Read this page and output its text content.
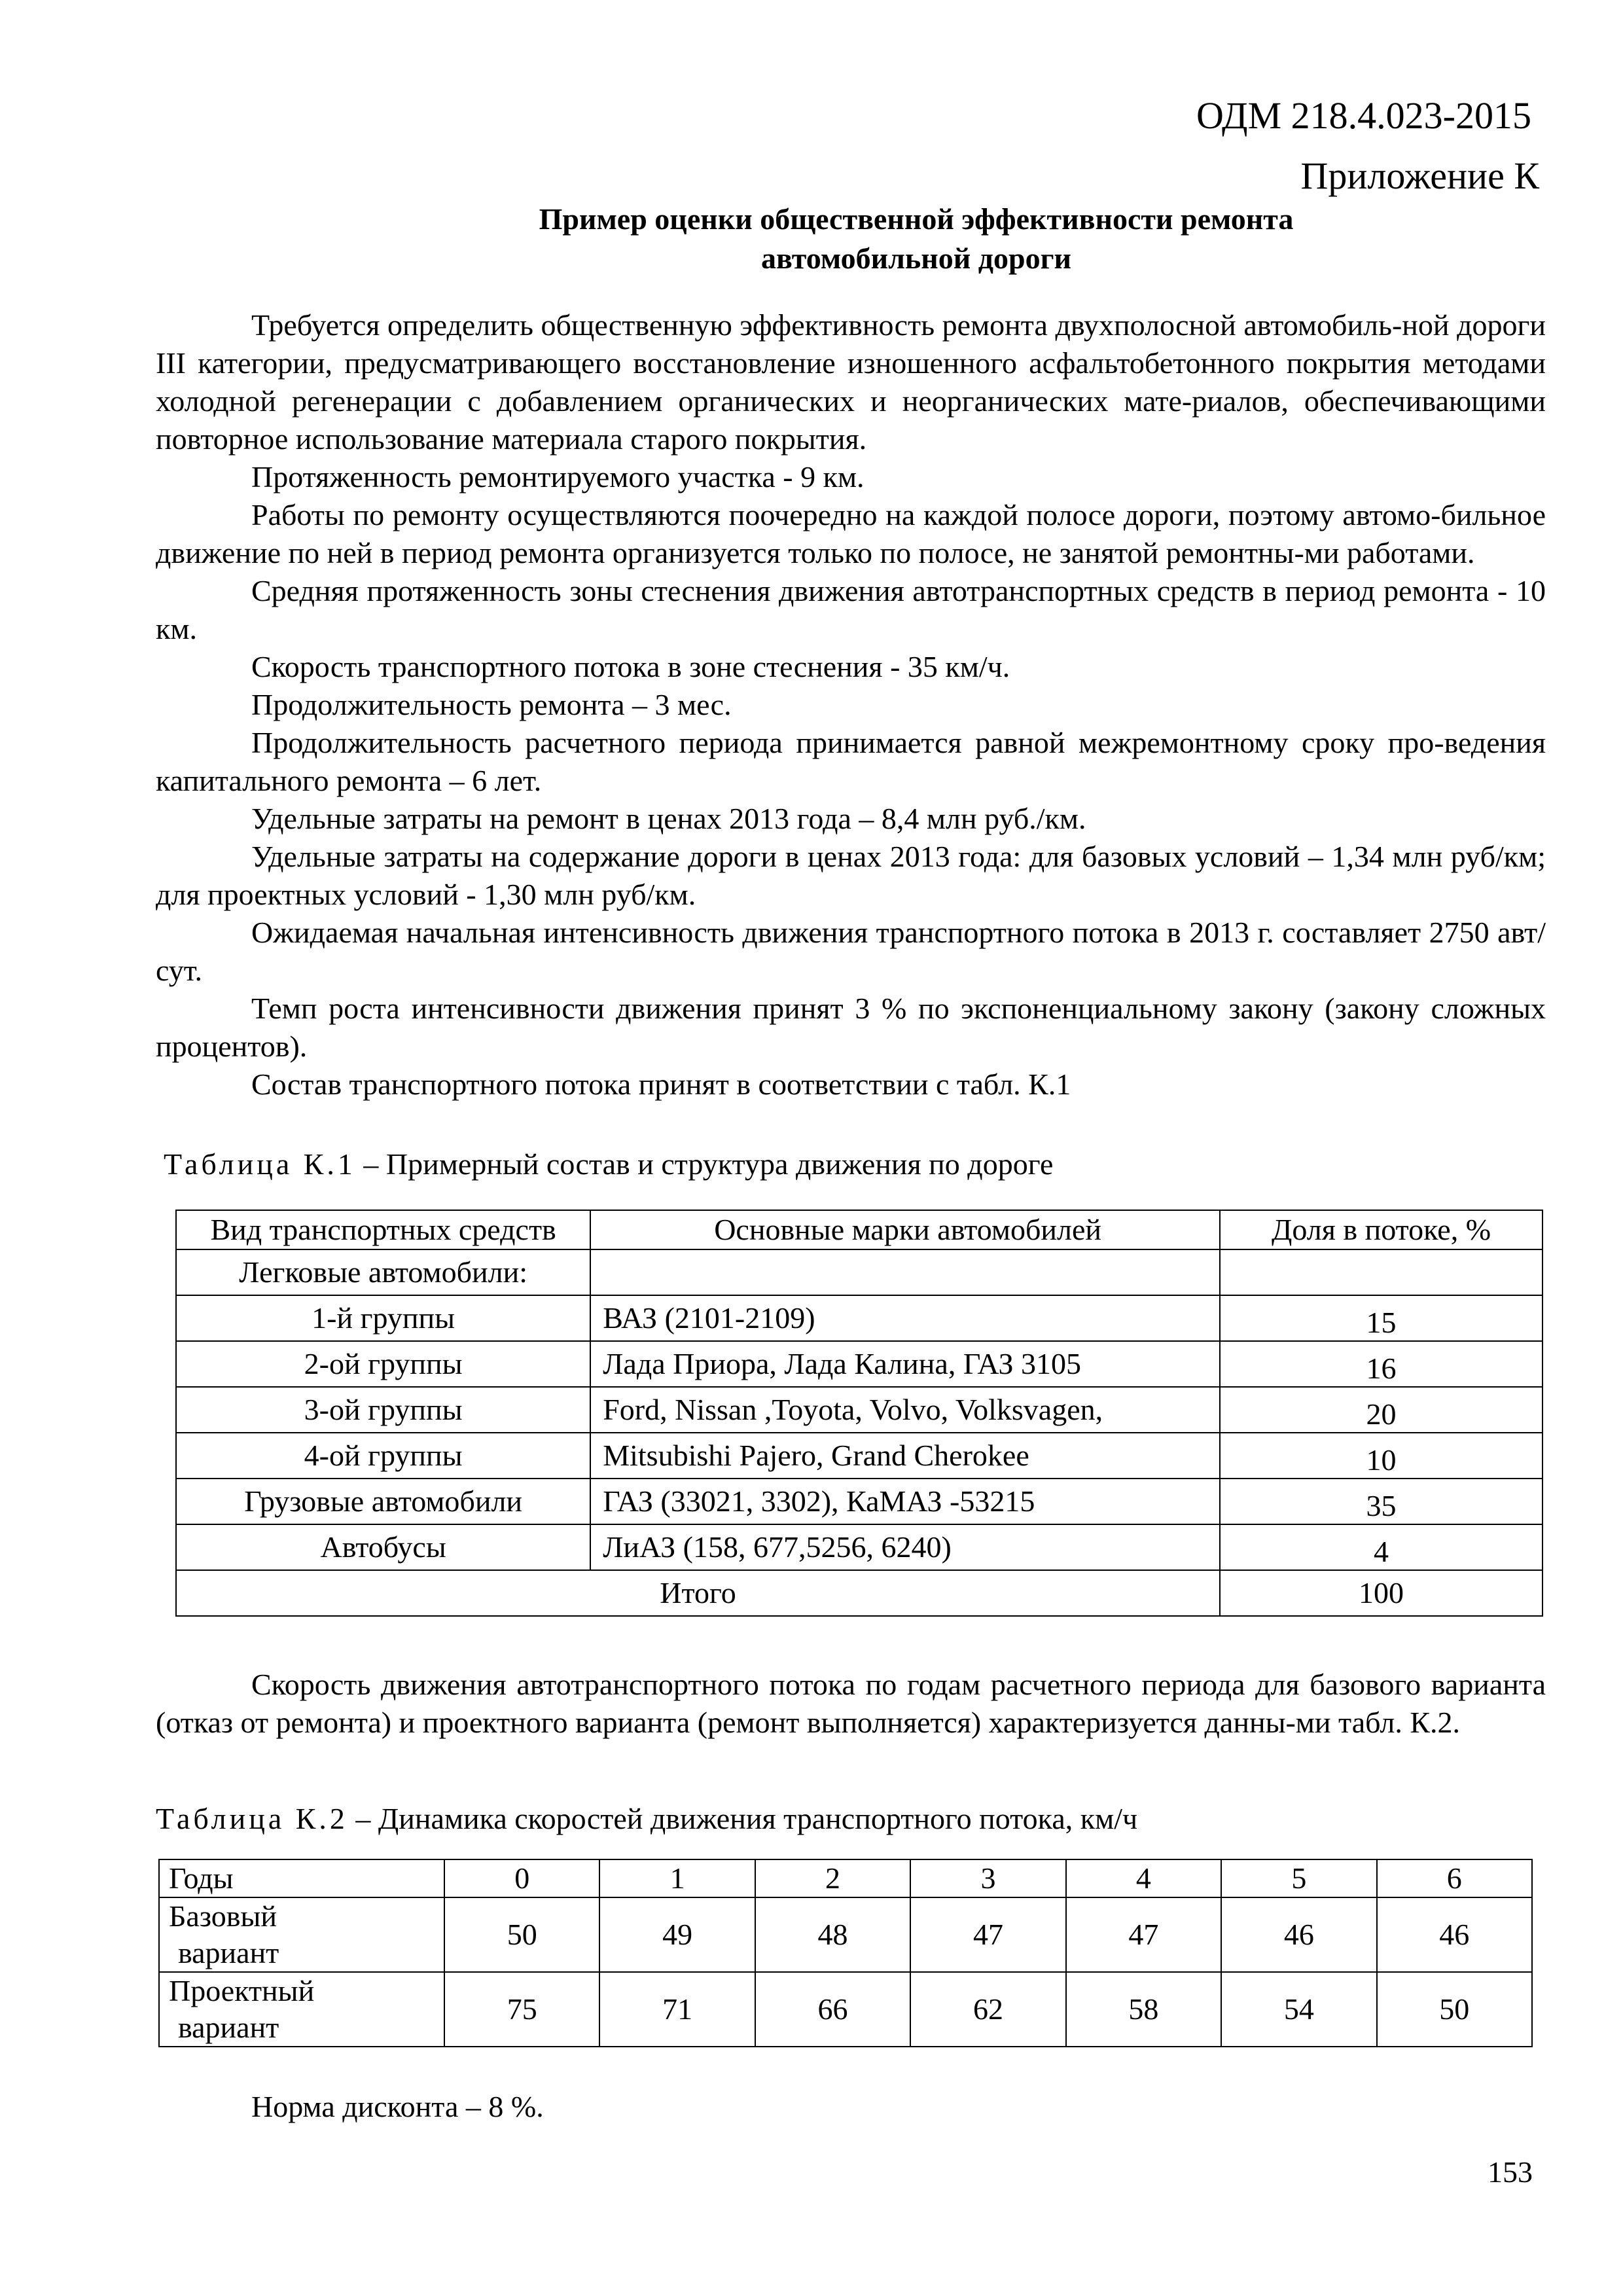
ОДМ 218.4.023-2015
Приложение К
Пример оценки общественной эффективности ремонта
автомобильной дороги

Требуется определить общественную эффективность ремонта двухполосной автомобиль-ной дороги III категории, предусматривающего восстановление изношенного асфальтобетонного покрытия методами холодной регенерации с добавлением органических и неорганических мате-риалов, обеспечивающими повторное использование материала старого покрытия.

Протяженность ремонтируемого участка - 9 км.

Работы по ремонту осуществляются поочередно на каждой полосе дороги, поэтому автомо-бильное движение по ней в период ремонта организуется только по полосе, не занятой ремонтны-ми работами.

Средняя протяженность зоны стеснения движения автотранспортных средств в период ремонта - 10 км.

Скорость транспортного потока в зоне стеснения - 35 км/ч.

Продолжительность ремонта – 3 мес.

Продолжительность расчетного периода принимается равной межремонтному сроку про-ведения капитального ремонта – 6 лет.

Удельные затраты на ремонт в ценах 2013 года – 8,4 млн руб./км.

Удельные затраты на содержание дороги в ценах 2013 года: для базовых условий – 1,34 млн руб/км; для проектных условий - 1,30 млн руб/км.

Ожидаемая начальная интенсивность движения транспортного потока в 2013 г. составляет 2750 авт/сут.

Темп роста интенсивности движения принят 3 % по экспоненциальному закону (закону сложных процентов).

Состав транспортного потока принят в соответствии с табл. К.1

Таблица К.1 – Примерный состав и структура движения по дороге
Вид транспортных средств	Основные марки автомобилей	Доля в потоке, %
Легковые автомобили:		
1-й группы	ВАЗ (2101-2109)	15
2-ой группы	Лада Приора, Лада Калина, ГАЗ 3105	16
3-ой группы	Ford, Nissan ,Toyota, Volvo, Volksvagen,	20
4-ой группы	Mitsubishi Pajero, Grand Cherokee	10
Грузовые автомобили	ГАЗ (33021, 3302), КаМАЗ -53215	35
Автобусы	ЛиАЗ (158, 677,5256, 6240)	4
Итого		100

Скорость движения автотранспортного потока по годам расчетного периода для базового варианта (отказ от ремонта) и проектного варианта (ремонт выполняется) характеризуется данны-ми табл. К.2.

Таблица К.2 – Динамика скоростей движения транспортного потока, км/ч
Годы	0	1	2	3	4	5	6

Базовый
вариант	50	49	48	47	47	46	46

Проектный
вариант	75	71	66	62	58	54	50
Норма дисконта – 8 %.
153
